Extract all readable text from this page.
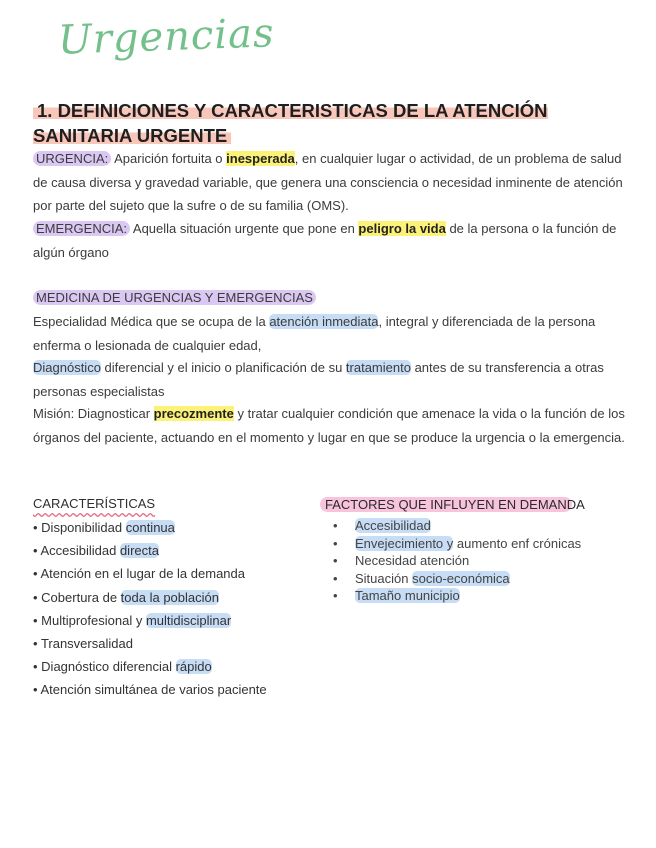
Urgencias
1. DEFINICIONES Y CARACTERISTICAS DE LA ATENCIÓN SANITARIA URGENTE
URGENCIA: Aparición fortuita o inesperada, en cualquier lugar o actividad, de un problema de salud de causa diversa y gravedad variable, que genera una consciencia o necesidad inminente de atención por parte del sujeto que la sufre o de su familia (OMS).
EMERGENCIA: Aquella situación urgente que pone en peligro la vida de la persona o la función de algún órgano
MEDICINA DE URGENCIAS Y EMERGENCIAS
Especialidad Médica que se ocupa de la atención inmediata, integral y diferenciada de la persona enferma o lesionada de cualquier edad,
Diagnóstico diferencial y el inicio o planificación de su tratamiento antes de su transferencia a otras personas especialistas
Misión: Diagnosticar precozmente y tratar cualquier condición que amenace la vida o la función de los órganos del paciente, actuando en el momento y lugar en que se produce la urgencia o la emergencia.
CARACTERÍSTICAS
• Disponibilidad continua
• Accesibilidad directa
• Atención en el lugar de la demanda
• Cobertura de toda la población
• Multiprofesional y multidisciplinar
• Transversalidad
• Diagnóstico diferencial rápido
• Atención simultánea de varios paciente
FACTORES QUE INFLUYEN EN DEMANDA
• Accesibilidad
• Envejecimiento y aumento enf crónicas
• Necesidad atención
• Situación socio-económica
• Tamaño municipio
